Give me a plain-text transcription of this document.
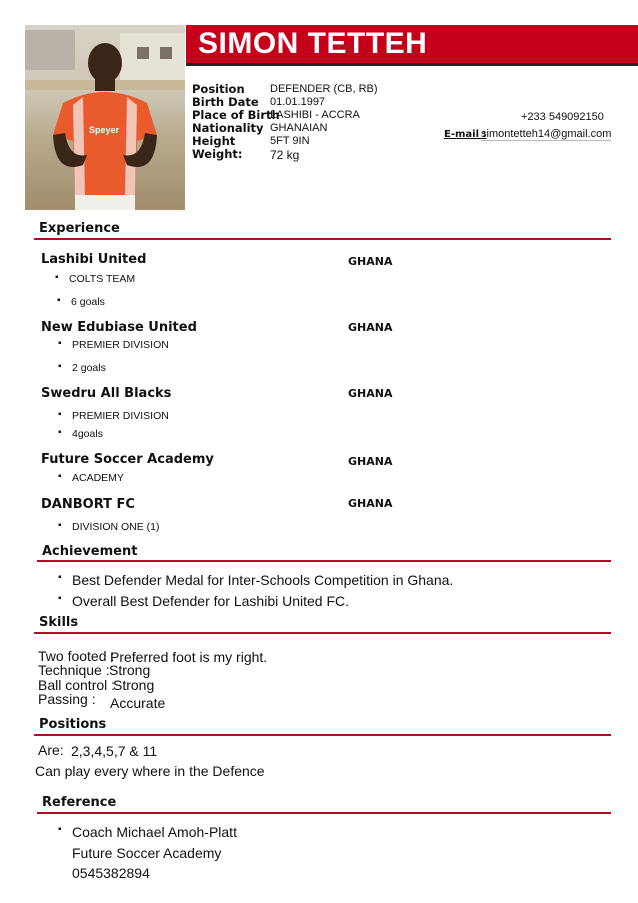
Speyer
SIMON TETTEH
Position DEFENDER (CB, RB)
Birth Date 01.01.1997
Place of Birth
LASHIBI - ACCRA
Nationality GHANAIAN
Height	5FT 9IN
Weight: 72 kg
+233 549092150
E-mail :
simontetteh14@gmail.com
Experience
Lashibi United	GHANA
▪ COLTS TEAM
▪ 6 goals
New Edubiase United	GHANA
▪ PREMIER DIVISION
▪ 2 goals
Swedru All Blacks	GHANA
▪ PREMIER DIVISION
▪ 4goals
Future Soccer Academy	GHANA
▪ ACADEMY
DANBORT FC	GHANA
▪ DIVISION ONE (1)
Achievement
▪ Best Defender Medal for Inter-Schools Competition in Ghana.
▪ Overall Best Defender for Lashibi United FC.
Skills
Two footed :
Preferred foot is my right.
Technique : Strong
Ball control :
Strong
Passing : Accurate
Positions
Are: 2,3,4,5,7 & 11
Can play every where in the Defence
Reference
▪ Coach Michael Amoh-Platt
Future Soccer Academy
0545382894
